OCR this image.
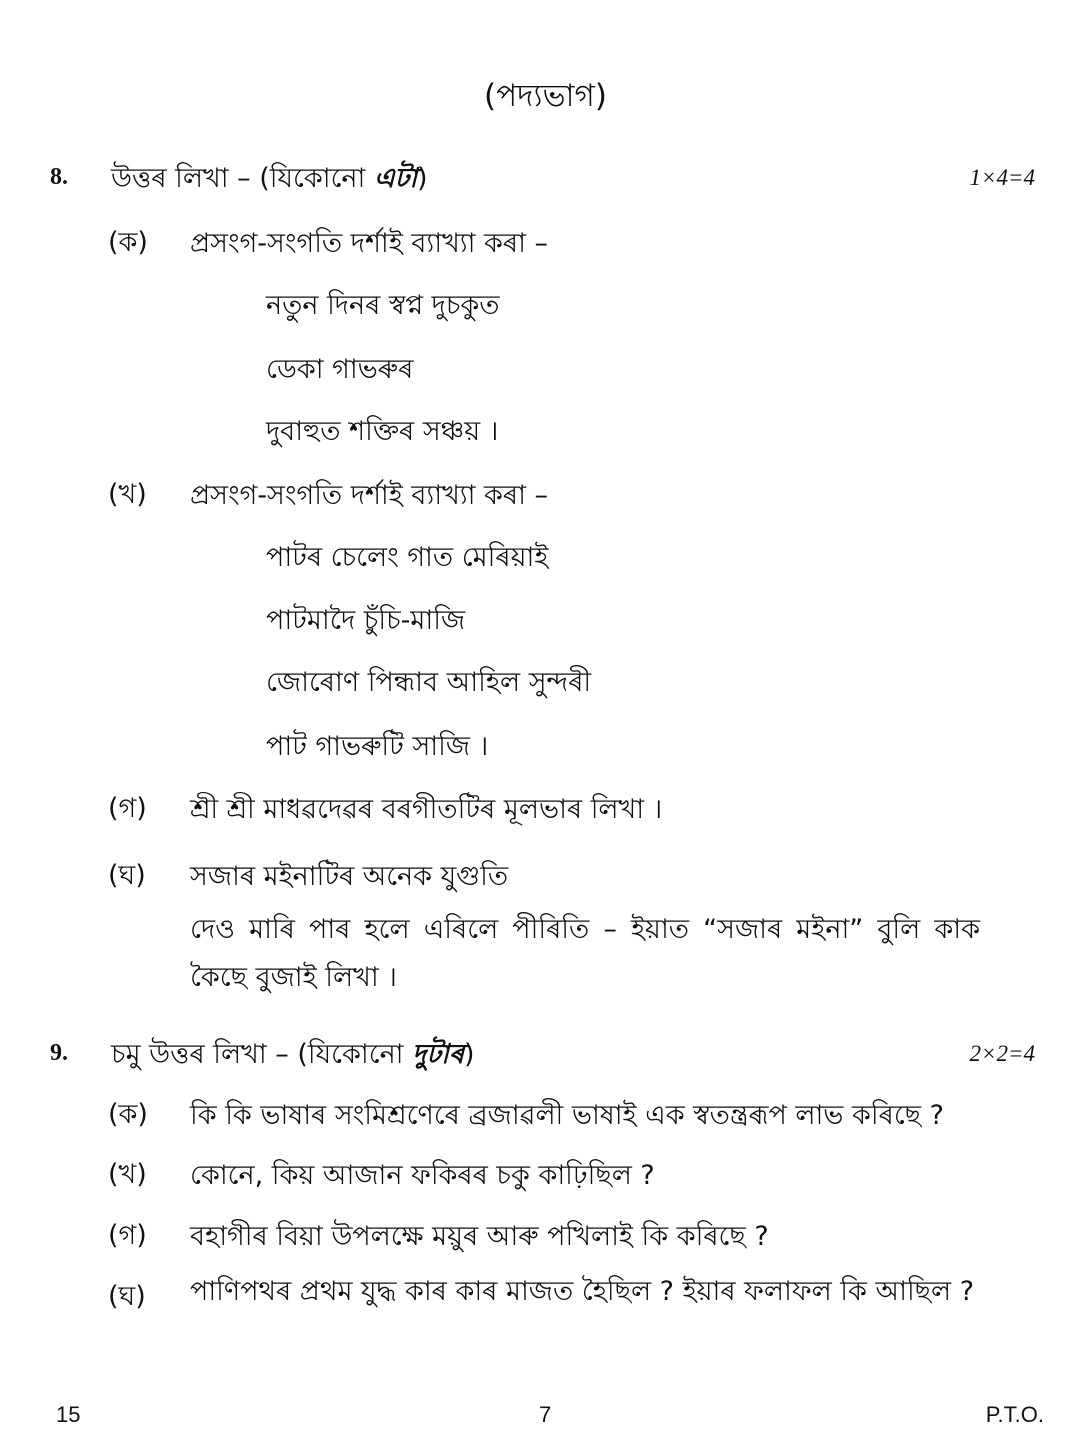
(পদ্যভাগ)
8. উত্তৰ লিখা – (যিকোনো এটা)	1×4=4
(ক) প্ৰসংগ-সংগতি দৰ্শাই ব্যাখ্যা কৰা –
নতুন দিনৰ স্বপ্ন দুচকুত
ডেকা গাভৰুৰ
দুবাহুত শক্তিৰ সঞ্চয় ।
(খ) প্ৰসংগ-সংগতি দৰ্শাই ব্যাখ্যা কৰা –
পাটৰ চেলেং গাত মেৰিয়াই
পাটমাদৈ চুঁচি-মাজি
জোৰোণ পিন্ধাব আহিল সুন্দৰী
পাট গাভৰুটি সাজি ।
(গ) শ্ৰী শ্ৰী মাধৱদেৱৰ বৰগীতটিৰ মূলভাৰ লিখা ।
(ঘ) সজাৰ মইনাটিৰ অনেক যুগুতি
দেও মাৰি পাৰ হলে এৰিলে পীৰিতি – ইয়াত “সজাৰ মইনা” বুলি কাক কৈছে বুজাই লিখা ।
9. চমু উত্তৰ লিখা – (যিকোনো দুটাৰ)	2×2=4
(ক) কি কি ভাষাৰ সংমিশ্ৰণেৰে ব্ৰজাৱলী ভাষাই এক স্বতন্ত্ৰৰূপ লাভ কৰিছে ?
(খ) কোনে, কিয় আজান ফকিৰৰ চকু কাঢ়িছিল ?
(গ) বহাগীৰ বিয়া উপলক্ষে ময়ুৰ আৰু পখিলাই কি কৰিছে ?
(ঘ) পাণিপথৰ প্ৰথম যুদ্ধ কাৰ কাৰ মাজত হৈছিল ? ইয়াৰ ফলাফল কি আছিল ?
15	7	P.T.O.
